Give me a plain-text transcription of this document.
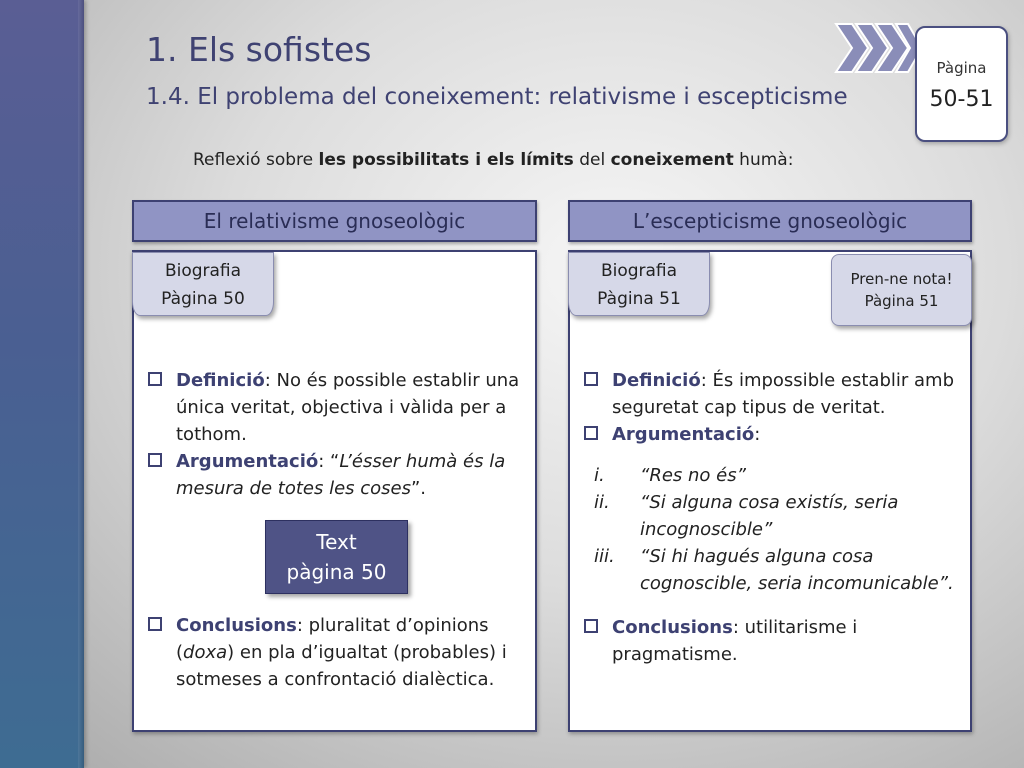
Pàgina
50-51
1. Els sofistes
1.4. El problema del coneixement: relativisme i escepticisme
Reflexió sobre les possibilitats i els límits del coneixement humà:
El relativisme gnoseològic
Biografia
Pàgina 50
Definició: No és possible establir una única veritat, objectiva i vàlida per a tothom.
Argumentació: “L’ésser humà és la mesura de totes les coses”.
Text
pàgina 50
Conclusions: pluralitat d’opinions (doxa) en pla d’igualtat (probables) i sotmeses a confrontació dialèctica.
L’escepticisme gnoseològic
Biografia
Pàgina 51
Pren-ne nota!
Pàgina 51
Definició: És impossible establir amb seguretat cap tipus de veritat.
Argumentació:
i. “Res no és”
ii. “Si alguna cosa existís, seria incognoscible”
iii. “Si hi hagués alguna cosa cognoscible, seria incomunicable”.
Conclusions: utilitarisme i pragmatisme.
